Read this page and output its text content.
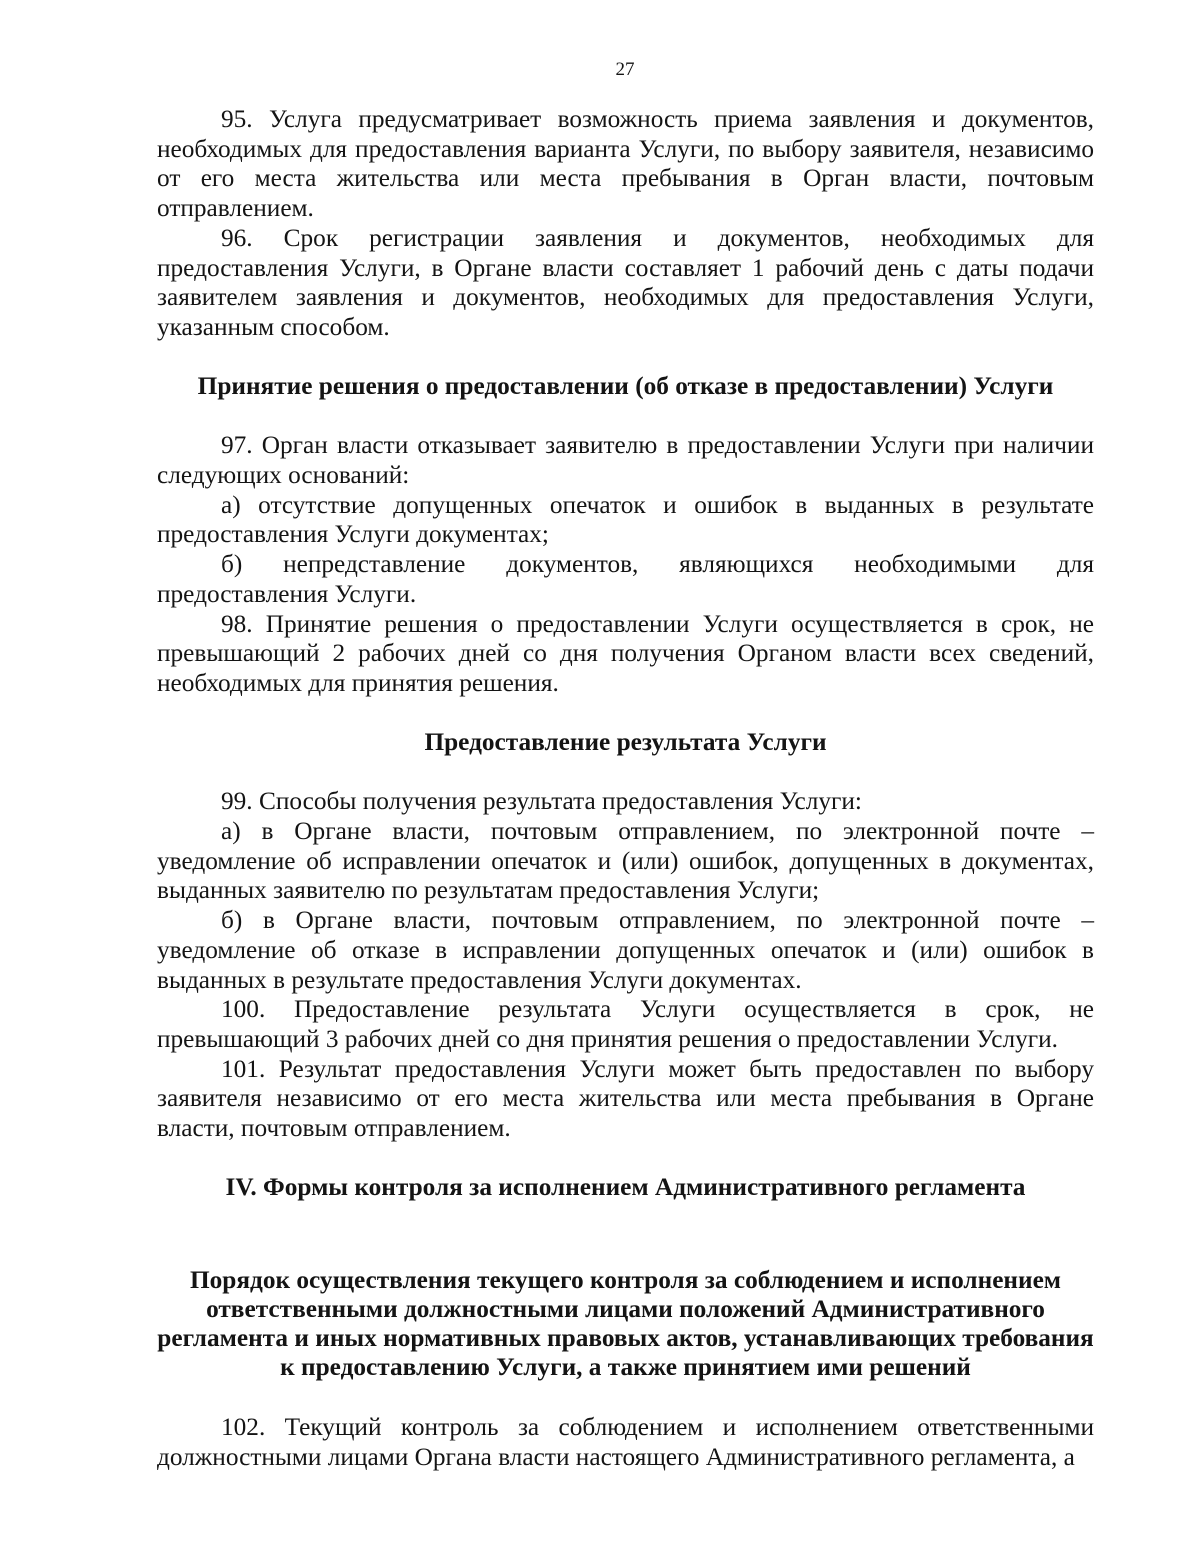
27
95. Услуга предусматривает возможность приема заявления и документов, необходимых для предоставления варианта Услуги, по выбору заявителя, независимо от его места жительства или места пребывания в Орган власти, почтовым отправлением.
96. Срок регистрации заявления и документов, необходимых для предоставления Услуги, в Органе власти составляет 1 рабочий день с даты подачи заявителем заявления и документов, необходимых для предоставления Услуги, указанным способом.
Принятие решения о предоставлении (об отказе в предоставлении) Услуги
97. Орган власти отказывает заявителю в предоставлении Услуги при наличии следующих оснований:
а) отсутствие допущенных опечаток и ошибок в выданных в результате предоставления Услуги документах;
б) непредставление документов, являющихся необходимыми для предоставления Услуги.
98. Принятие решения о предоставлении Услуги осуществляется в срок, не превышающий 2 рабочих дней со дня получения Органом власти всех сведений, необходимых для принятия решения.
Предоставление результата Услуги
99. Способы получения результата предоставления Услуги:
а) в Органе власти, почтовым отправлением, по электронной почте – уведомление об исправлении опечаток и (или) ошибок, допущенных в документах, выданных заявителю по результатам предоставления Услуги;
б) в Органе власти, почтовым отправлением, по электронной почте – уведомление об отказе в исправлении допущенных опечаток и (или) ошибок в выданных в результате предоставления Услуги документах.
100. Предоставление результата Услуги осуществляется в срок, не превышающий 3 рабочих дней со дня принятия решения о предоставлении Услуги.
101. Результат предоставления Услуги может быть предоставлен по выбору заявителя независимо от его места жительства или места пребывания в Органе власти, почтовым отправлением.
IV. Формы контроля за исполнением Административного регламента
Порядок осуществления текущего контроля за соблюдением и исполнением ответственными должностными лицами положений Административного регламента и иных нормативных правовых актов, устанавливающих требования к предоставлению Услуги, а также принятием ими решений
102. Текущий контроль за соблюдением и исполнением ответственными должностными лицами Органа власти настоящего Административного регламента, а
